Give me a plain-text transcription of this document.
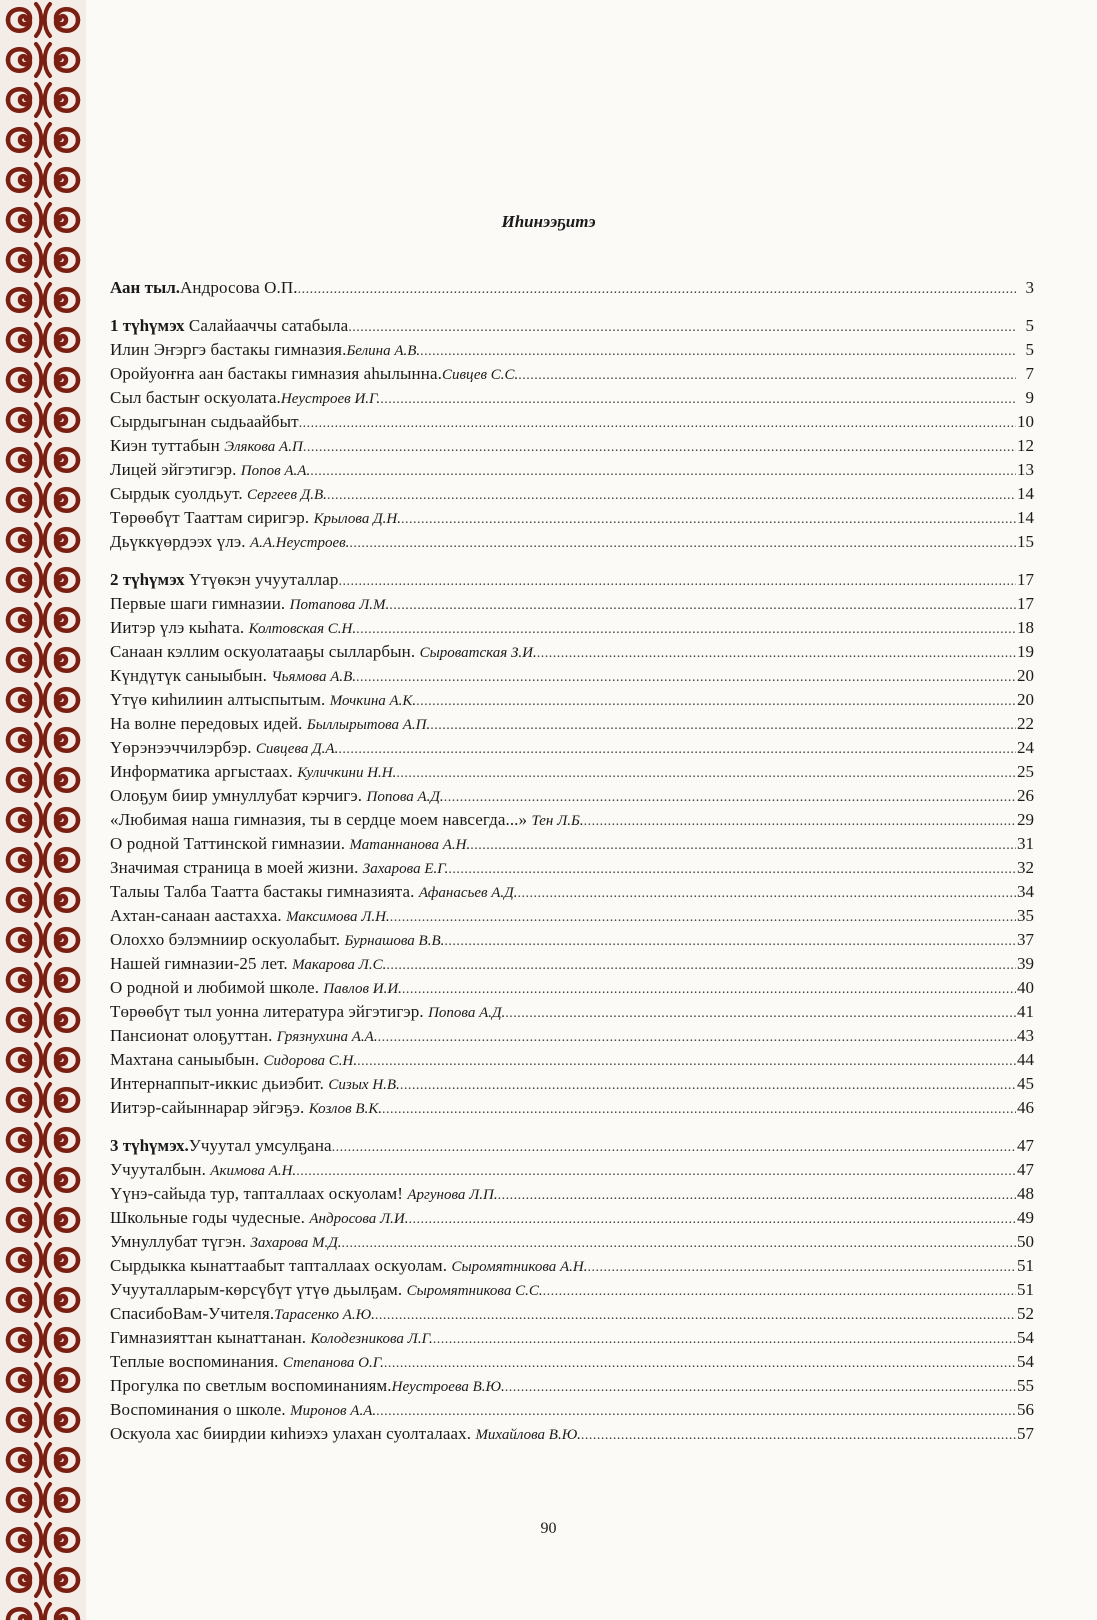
Иһинээҕитэ
Аан тыл.Андросова О.П. .....	3
1 түһүмэх Салайааччы сатабыла .....	5
Илин Эҥэргэ бастакы гимназия.Белина А.В. .....	5
Оройуоҥҥа аан бастакы гимназия аһылынна.Сивцев С.С. .....	7
Сыл бастыҥ оскуолата.Неустроев И.Г. .....	9
Сырдыгынан сыдьаайбыт .....	10
Киэн туттабын Элякова А.П .....	12
Лицей эйгэтигэр. Попов А.А. .....	13
Сырдык суолдьут. Сергеев Д.В. .....	14
Төрөөбүт Тааттам сиригэр. Крылова Д.Н. .....	14
Дьүккүөрдээх үлэ. А.А.Неустроев. .....	15
2 түһүмэх Үтүөкэн учууталлар .....	17
Первые шаги гимназии. Потапова Л.М. .....	17
Иитэр үлэ кыһата. Колтовская С.Н. .....	18
Санаан кэллим оскуолатааҕы сылларбын. Сыроватская З.И. .....	19
Күндүтүк саныыбын. Чьямова А.В. .....	20
Үтүө киһилиин алтыспытым. Мочкина А.К. .....	20
На волне передовых идей. Быллырытова А.П. .....	22
Үөрэнээччилэрбэр. Сивцева Д.А. .....	24
Информатика аргыстаах. Куличкини Н.Н. .....	25
Олоҕум биир умнуллубат кэрчигэ. Попова А.Д. .....	26
«Любимая наша гимназия, ты в сердце моем навсегда...» Тен Л.Б. .....	29
О родной Таттинской гимназии. Матаннанова А.Н. .....	31
Значимая страница в моей жизни. Захарова Е.Г. .....	32
Талыы Талба Таатта бастакы гимназията. Афанасьев А.Д. .....	34
Ахтан-санаан аастахха. Максимова Л.Н. .....	35
Олоххо бэлэмниир оскуолабыт. Бурнашова В.В. .....	37
Нашей гимназии-25 лет. Макарова Л.С. .....	39
О родной и любимой школе. Павлов И.И. .....	40
Төрөөбүт тыл уонна литература эйгэтигэр. Попова А.Д. .....	41
Пансионат олоҕуттан. Грязнухина А.А. .....	43
Махтана саныыбын. Сидорова С.Н. .....	44
Интернаппыт-иккис дьиэбит. Сизых Н.В. .....	45
Иитэр-сайыннарар эйгэҕэ. Козлов В.К. .....	46
3 түһүмэх.Учуутал умсулҕана .....	47
Учууталбын. Акимова А.Н. .....	47
Үүнэ-сайыда тур, тапталлаах оскуолам! Аргунова Л.П. .....	48
Школьные годы чудесные. Андросова Л.И. .....	49
Умнуллубат түгэн. Захарова М.Д. .....	50
Сырдыкка кынаттаабыт тапталлаах оскуолам. Сыромятникова А.Н. .....	51
Учууталларым-көрсүбүт үтүө дьылҕам. Сыромятникова С.С. .....	51
СпасибоВам-Учителя.Тарасенко А.Ю. .....	52
Гимназияттан кынаттанан. Колодезникова Л.Г. .....	54
Теплые воспоминания. Степанова О.Г. .....	54
Прогулка по светлым воспоминаниям.Неустроева В.Ю. .....	55
Воспоминания о школе. Миронов А.А. .....	56
Оскуола хас биирдии киһиэхэ улахан суолталаах. Михайлова В.Ю. .....	57
90
